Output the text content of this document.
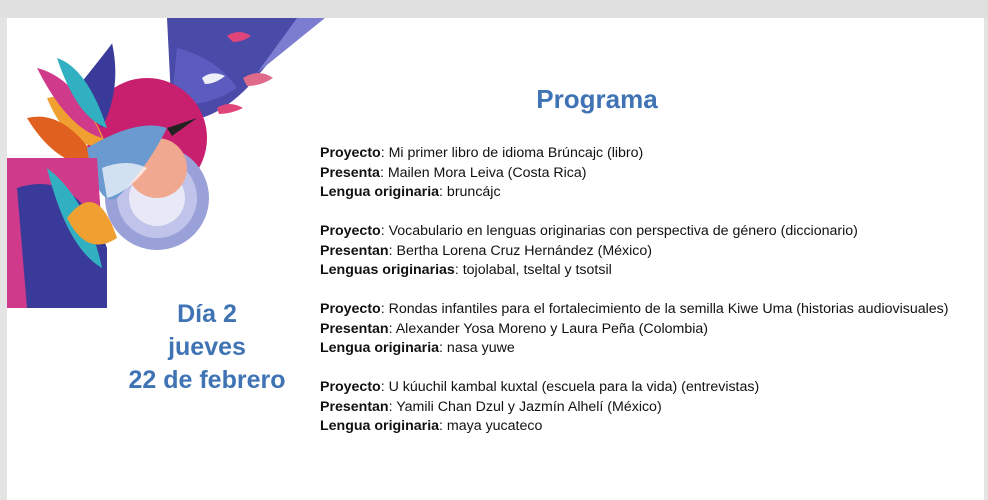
Programa
Día 2
jueves
22 de febrero
Proyecto: Mi primer libro de idioma Brúncajc (libro)
Presenta: Mailen Mora Leiva (Costa Rica)
Lengua originaria: bruncájc
Proyecto: Vocabulario en lenguas originarias con perspectiva de género (diccionario)
Presentan: Bertha Lorena Cruz Hernández (México)
Lenguas originarias: tojolabal, tseltal y tsotsil
Proyecto: Rondas infantiles para el fortalecimiento de la semilla Kiwe Uma (historias audiovisuales)
Presentan: Alexander Yosa Moreno y Laura Peña (Colombia)
Lengua originaria: nasa yuwe
Proyecto: U kúuchil kambal kuxtal (escuela para la vida) (entrevistas)
Presentan: Yamili Chan Dzul y Jazmín Alhelí (México)
Lengua originaria: maya yucateco
